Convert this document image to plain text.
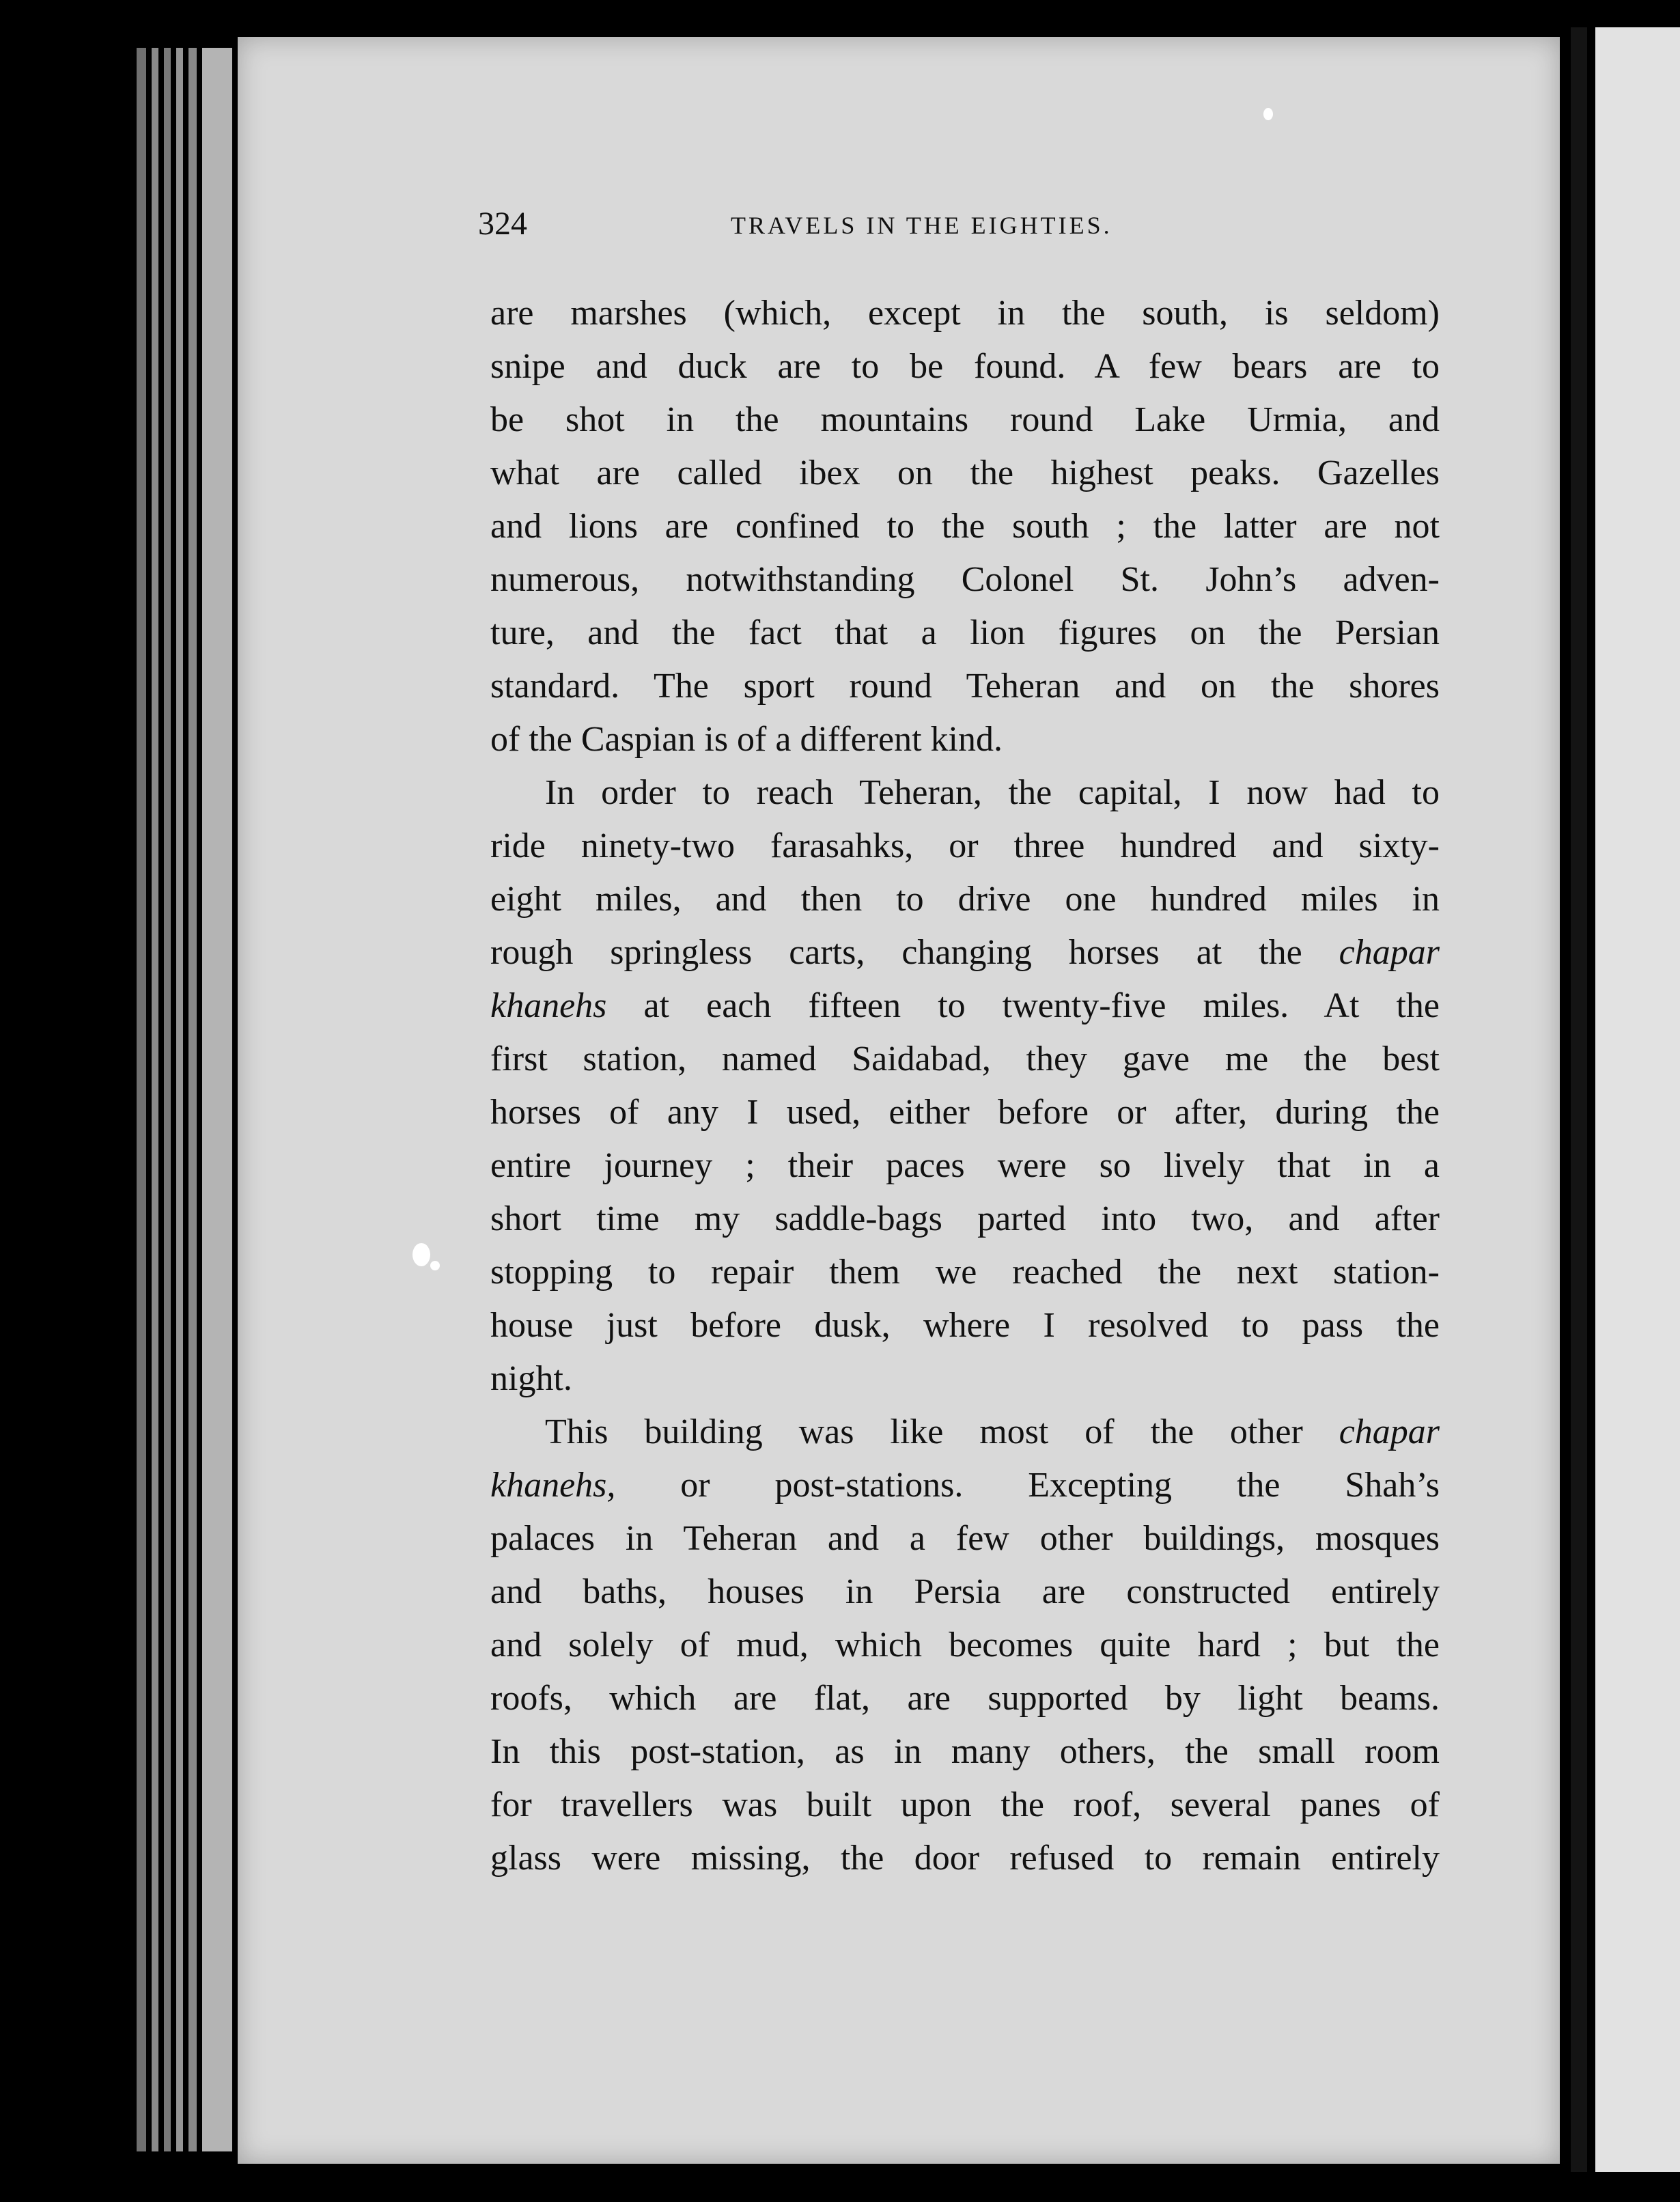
324	TRAVELS IN THE EIGHTIES.
are marshes (which, except in the south, is seldom)
snipe and duck are to be found. A few bears are to
be shot in the mountains round Lake Urmia, and
what are called ibex on the highest peaks. Gazelles
and lions are confined to the south ; the latter are not
numerous, notwithstanding Colonel St. John’s adven-
ture, and the fact that a lion figures on the Persian
standard. The sport round Teheran and on the shores
of the Caspian is of a different kind.
In order to reach Teheran, the capital, I now had to
ride ninety-two farasahks, or three hundred and sixty-
eight miles, and then to drive one hundred miles in
rough springless carts, changing horses at the chapar
khanehs at each fifteen to twenty-five miles. At the
first station, named Saidabad, they gave me the best
horses of any I used, either before or after, during the
entire journey ; their paces were so lively that in a
short time my saddle-bags parted into two, and after
stopping to repair them we reached the next station-
house just before dusk, where I resolved to pass the
night.
This building was like most of the other chapar
khanehs, or post-stations. Excepting the Shah’s
palaces in Teheran and a few other buildings, mosques
and baths, houses in Persia are constructed entirely
and solely of mud, which becomes quite hard ; but the
roofs, which are flat, are supported by light beams.
In this post-station, as in many others, the small room
for travellers was built upon the roof, several panes of
glass were missing, the door refused to remain entirely
